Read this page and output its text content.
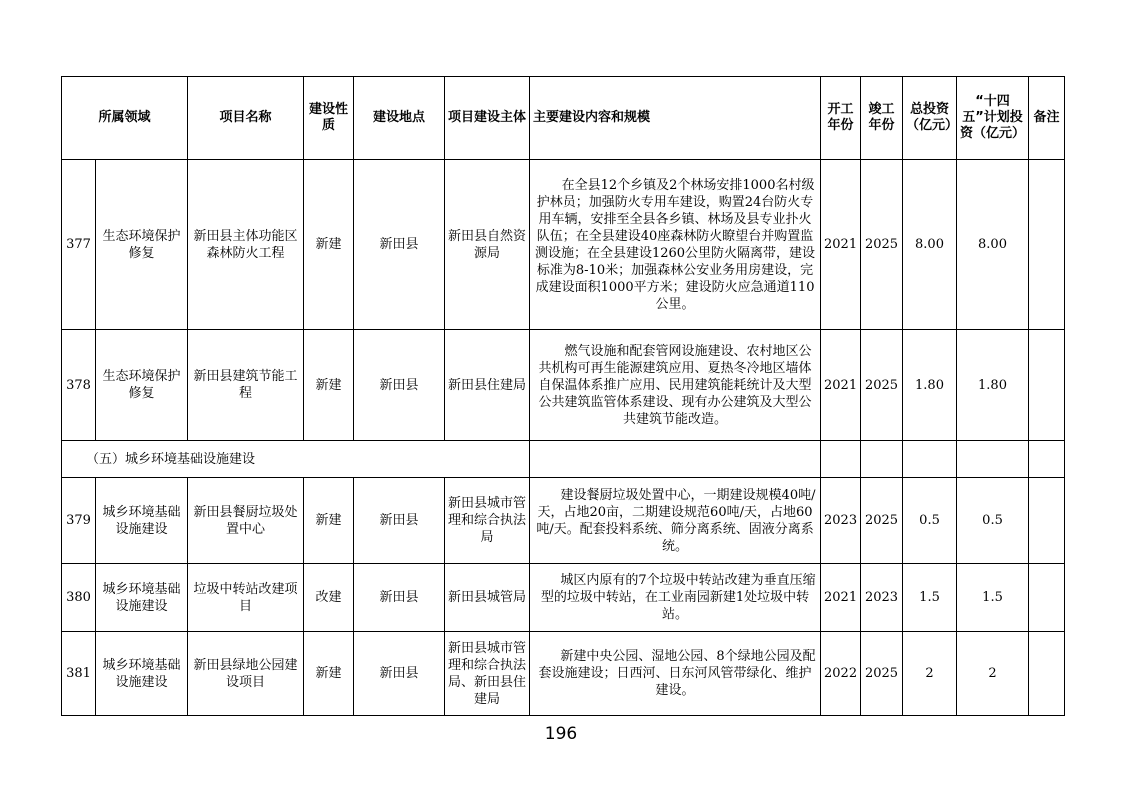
所属领域		项目名称	建设性质	建设地点	项目建设主体	主要建设内容和规模	开工年份	竣工年份	总投资（亿元）	“十四五”计划投资（亿元）	备注
377	生态环境保护修复	新田县主体功能区森林防火工程	新建	新田县	新田县自然资源局	在全县12个乡镇及2个林场安排1000名村级护林员；加强防火专用车建设，购置24台防火专用车辆，安排至全县各乡镇、林场及县专业扑火队伍；在全县建设40座森林防火瞭望台并购置监测设施；在全县建设1260公里防火隔离带，建设标准为8-10米；加强森林公安业务用房建设，完成建设面积1000平方米；建设防火应急通道110公里。	2021	2025	8.00	8.00	
378	生态环境保护修复	新田县建筑节能工程	新建	新田县	新田县住建局	燃气设施和配套管网设施建设、农村地区公共机构可再生能源建筑应用、夏热冬冷地区墙体自保温体系推广应用、民用建筑能耗统计及大型公共建筑监管体系建设、现有办公建筑及大型公共建筑节能改造。	2021	2025	1.80	1.80	
（五）城乡环境基础设施建设											
379	城乡环境基础设施建设	新田县餐厨垃圾处置中心	新建	新田县	新田县城市管理和综合执法局	建设餐厨垃圾处置中心，一期建设规模40吨/天，占地20亩，二期建设规范60吨/天，占地60吨/天。配套投料系统、筛分离系统、固液分离系统。	2023	2025	0.5	0.5	
380	城乡环境基础设施建设	垃圾中转站改建项目	改建	新田县	新田县城管局	城区内原有的7个垃圾中转站改建为垂直压缩型的垃圾中转站，在工业南园新建1处垃圾中转站。	2021	2023	1.5	1.5	
381	城乡环境基础设施建设	新田县绿地公园建设项目	新建	新田县	新田县城市管理和综合执法局、新田县住建局	新建中央公园、湿地公园、8个绿地公园及配套设施建设；日西河、日东河风管带绿化、维护建设。	2022	2025	2	2	
196
